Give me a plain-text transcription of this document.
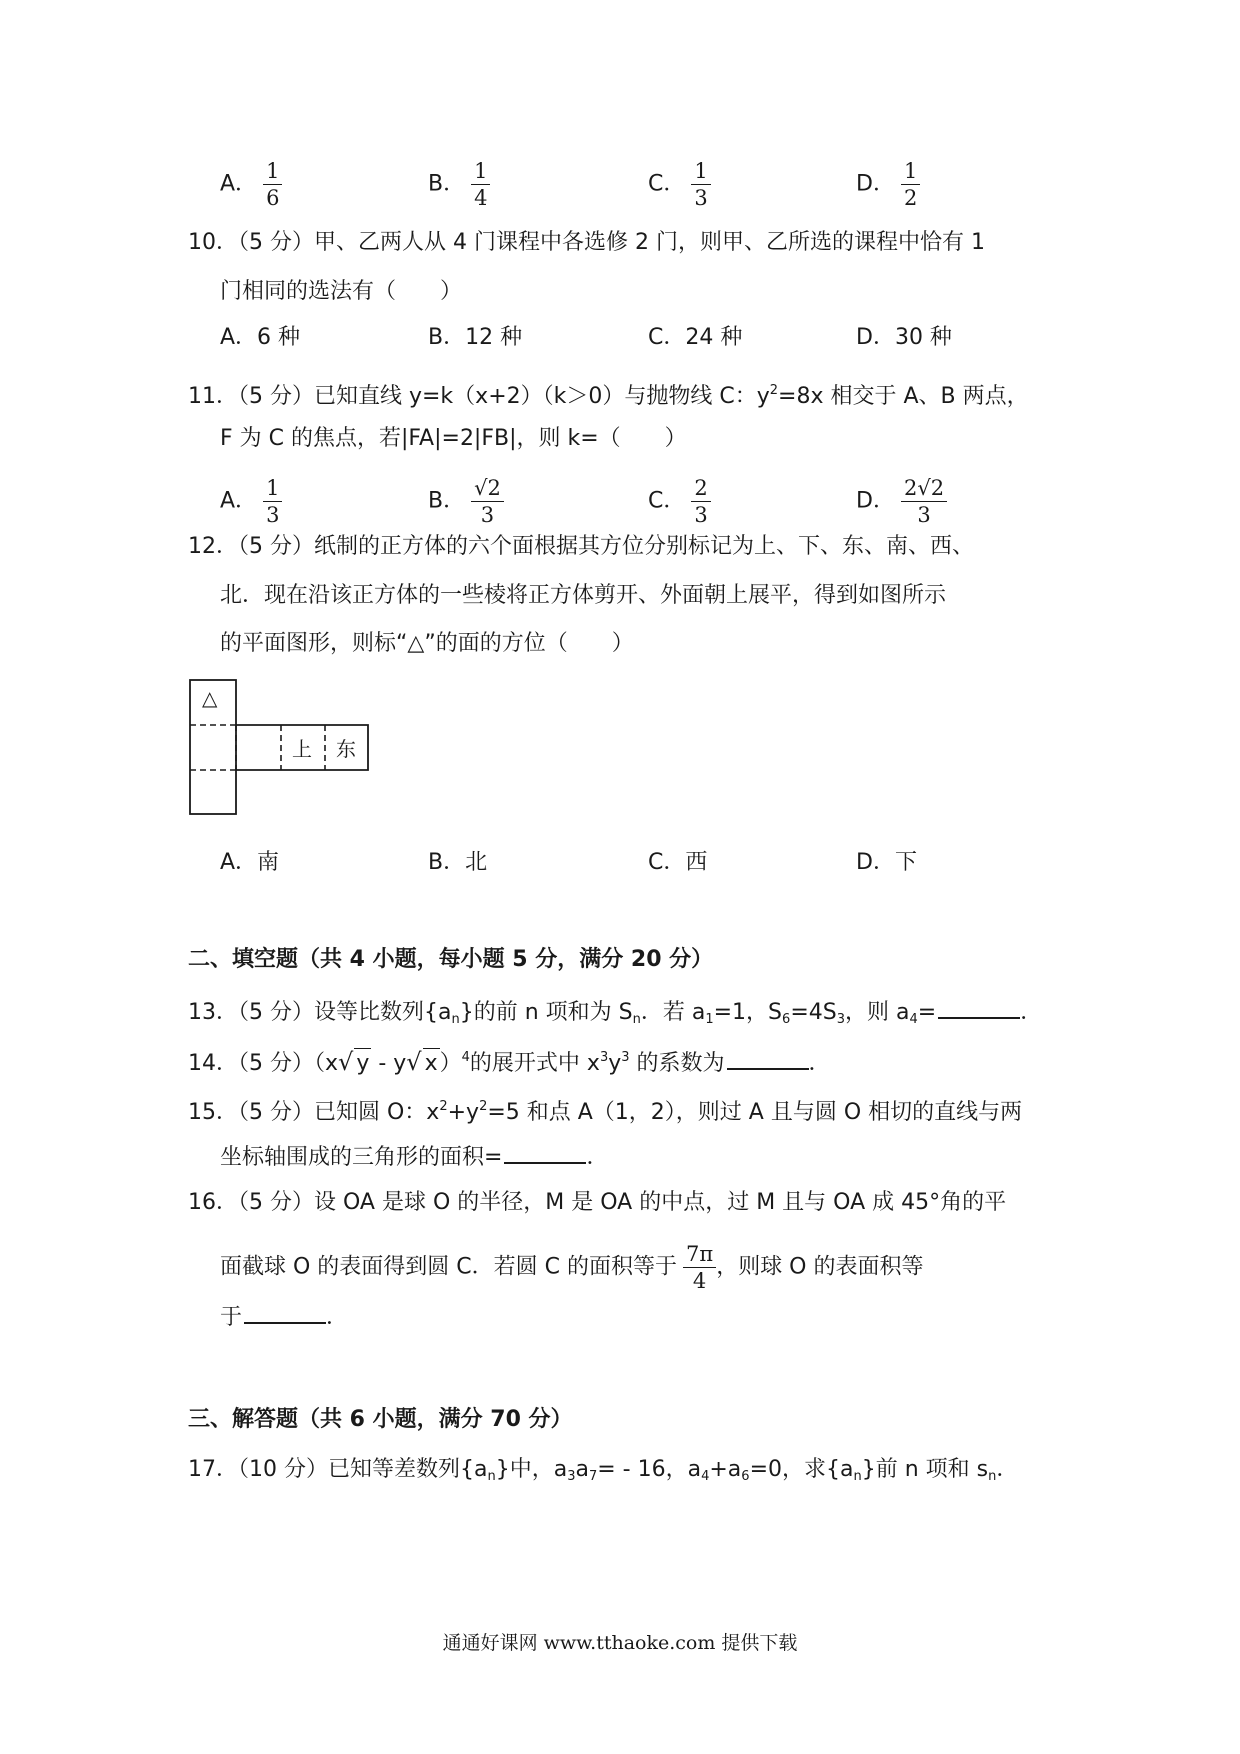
A． $\frac{1}{6}$	B． $\frac{1}{4}$	C． $\frac{1}{3}$	D． $\frac{1}{2}$
10．（5 分）甲、乙两人从 4 门课程中各选修 2 门，则甲、乙所选的课程中恰有 1
门相同的选法有（　　）
A．6 种	B．12 种	C．24 种	D．30 种
11．（5 分）已知直线 y=k（x+2）（k＞0）与抛物线 C：$y^2=8x$ 相交于 A、B 两点，
F 为 C 的焦点，若|FA|=2|FB|，则 k=（　　）
A． $\frac{1}{3}$	B． $\frac{√2}{3}$	C． $\frac{2}{3}$	D． $\frac{2√2}{3}$
12．（5 分）纸制的正方体的六个面根据其方位分别标记为上、下、东、南、西、
北．现在沿该正方体的一些棱将正方体剪开、外面朝上展平，得到如图所示
的平面图形，则标“△”的面的方位（　　）
△
上 东
A．南	B．北	C．西	D．下
二、填空题（共 4 小题，每小题 5 分，满分 20 分）
13．（5 分）设等比数列$\{a_n\}$的前 n 项和为 $S_n$．若 $a_1=1$，$S_6=4S_3$，则 $a_4=$	．
14．（5 分）（x√ y - y√ x）$^4$的展开式中 $x^3y^3$ 的系数为	．
15．（5 分）已知圆 O：$x^2+y^2=5$ 和点 A（1，2），则过 A 且与圆 O 相切的直线与两
坐标轴围成的三角形的面积=	．
16．（5 分）设 OA 是球 O 的半径，M 是 OA 的中点，过 M 且与 OA 成 45°角的平
面截球 O 的表面得到圆 C．若圆 C 的面积等于 $\frac{7\pi}{4}$ ，则球 O 的表面积等
于	．
三、解答题（共 6 小题，满分 70 分）
17．（10 分）已知等差数列$\{a_n\}$中，$a_3a_7= - 16$，$a_4+a_6=0$，求$\{a_n\}$前 n 项和 $s_n$．
通通好课网 www.tthaoke.com 提供下载
